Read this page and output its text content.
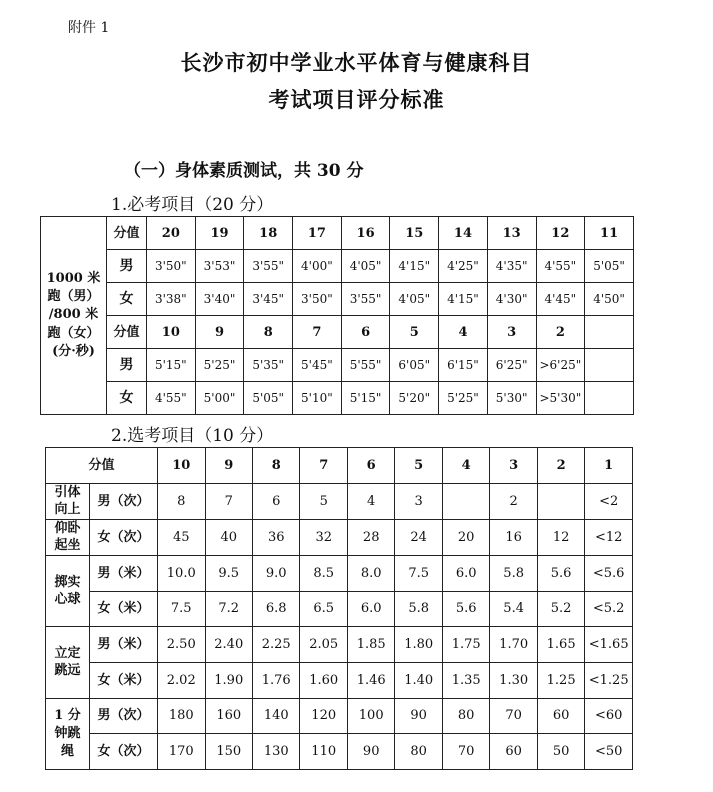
附件 1
长沙市初中学业水平体育与健康科目
考试项目评分标准
（一）身体素质测试，共 30 分
1.必考项目（20 分）
1000 米
跑（男）
/800 米
跑（女）
(分·秒)	分值	20	19	18	17	16	15	14	13	12	11
	男	3'50"	3'53"	3'55"	4'00"	4'05"	4'15"	4'25"	4'35"	4'55"	5'05"
	女	3'38"	3'40"	3'45"	3'50"	3'55"	4'05"	4'15"	4'30"	4'45"	4'50"
	分值	10	9	8	7	6	5	4	3	2	
	男	5'15"	5'25"	5'35"	5'45"	5'55"	6'05"	6'15"	6'25"	>6'25"	
	女	4'55"	5'00"	5'05"	5'10"	5'15"	5'20"	5'25"	5'30"	>5'30"	
2.选考项目（10 分）
分值		10	9	8	7	6	5	4	3	2	1

引体
向上	男（次）	8	7	6	5	4	3		2		<2

仰卧
起坐	女（次）	45	40	36	32	28	24	20	16	12	<12

掷实
心球	男（米）	10.0	9.5	9.0	8.5	8.0	7.5	6.0	5.8	5.6	<5.6
	女（米）	7.5	7.2	6.8	6.5	6.0	5.8	5.6	5.4	5.2	<5.2

立定
跳远	男（米）	2.50	2.40	2.25	2.05	1.85	1.80	1.75	1.70	1.65	<1.65
	女（米）	2.02	1.90	1.76	1.60	1.46	1.40	1.35	1.30	1.25	<1.25

1 分
钟跳
绳	男（次）	180	160	140	120	100	90	80	70	60	<60
	女（次）	170	150	130	110	90	80	70	60	50	<50
